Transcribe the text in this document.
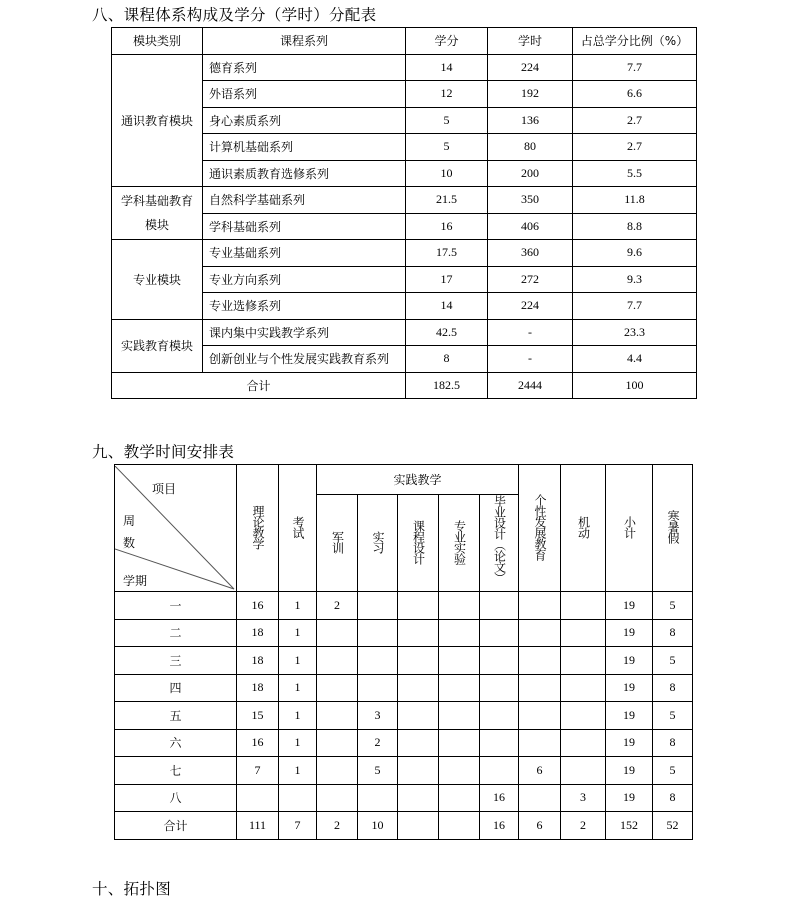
八、课程体系构成及学分（学时）分配表
模块类别	课程系列	学分	学时	占总学分比例（%）
通识教育模块	德育系列	14	224	7.7
	外语系列	12	192	6.6
	身心素质系列	5	136	2.7
	计算机基础系列	5	80	2.7
	通识素质教育选修系列	10	200	5.5
学科基础教育模块	自然科学基础系列	21.5	350	11.8
	学科基础系列	16	406	8.8
专业模块	专业基础系列	17.5	360	9.6
	专业方向系列	17	272	9.3
	专业选修系列	14	224	7.7
实践教育模块	课内集中实践教学系列	42.5	-	23.3
	创新创业与个性发展实践教育系列	8	-	4.4
合计		182.5	2444	100
九、教学时间安排表
项目
周
数
学期	理论教学	考试	实践教学					个性发展教育	机动	小计	寒暑假
			军训	实习	课程设计	专业实验	毕业设计（论文）				
一	16	1	2							19	5
二	18	1								19	8
三	18	1								19	5
四	18	1								19	8
五	15	1		3						19	5
六	16	1		2						19	8
七	7	1		5				6		19	5
八							16		3	19	8
合计	111	7	2	10			16	6	2	152	52
十、拓扑图
